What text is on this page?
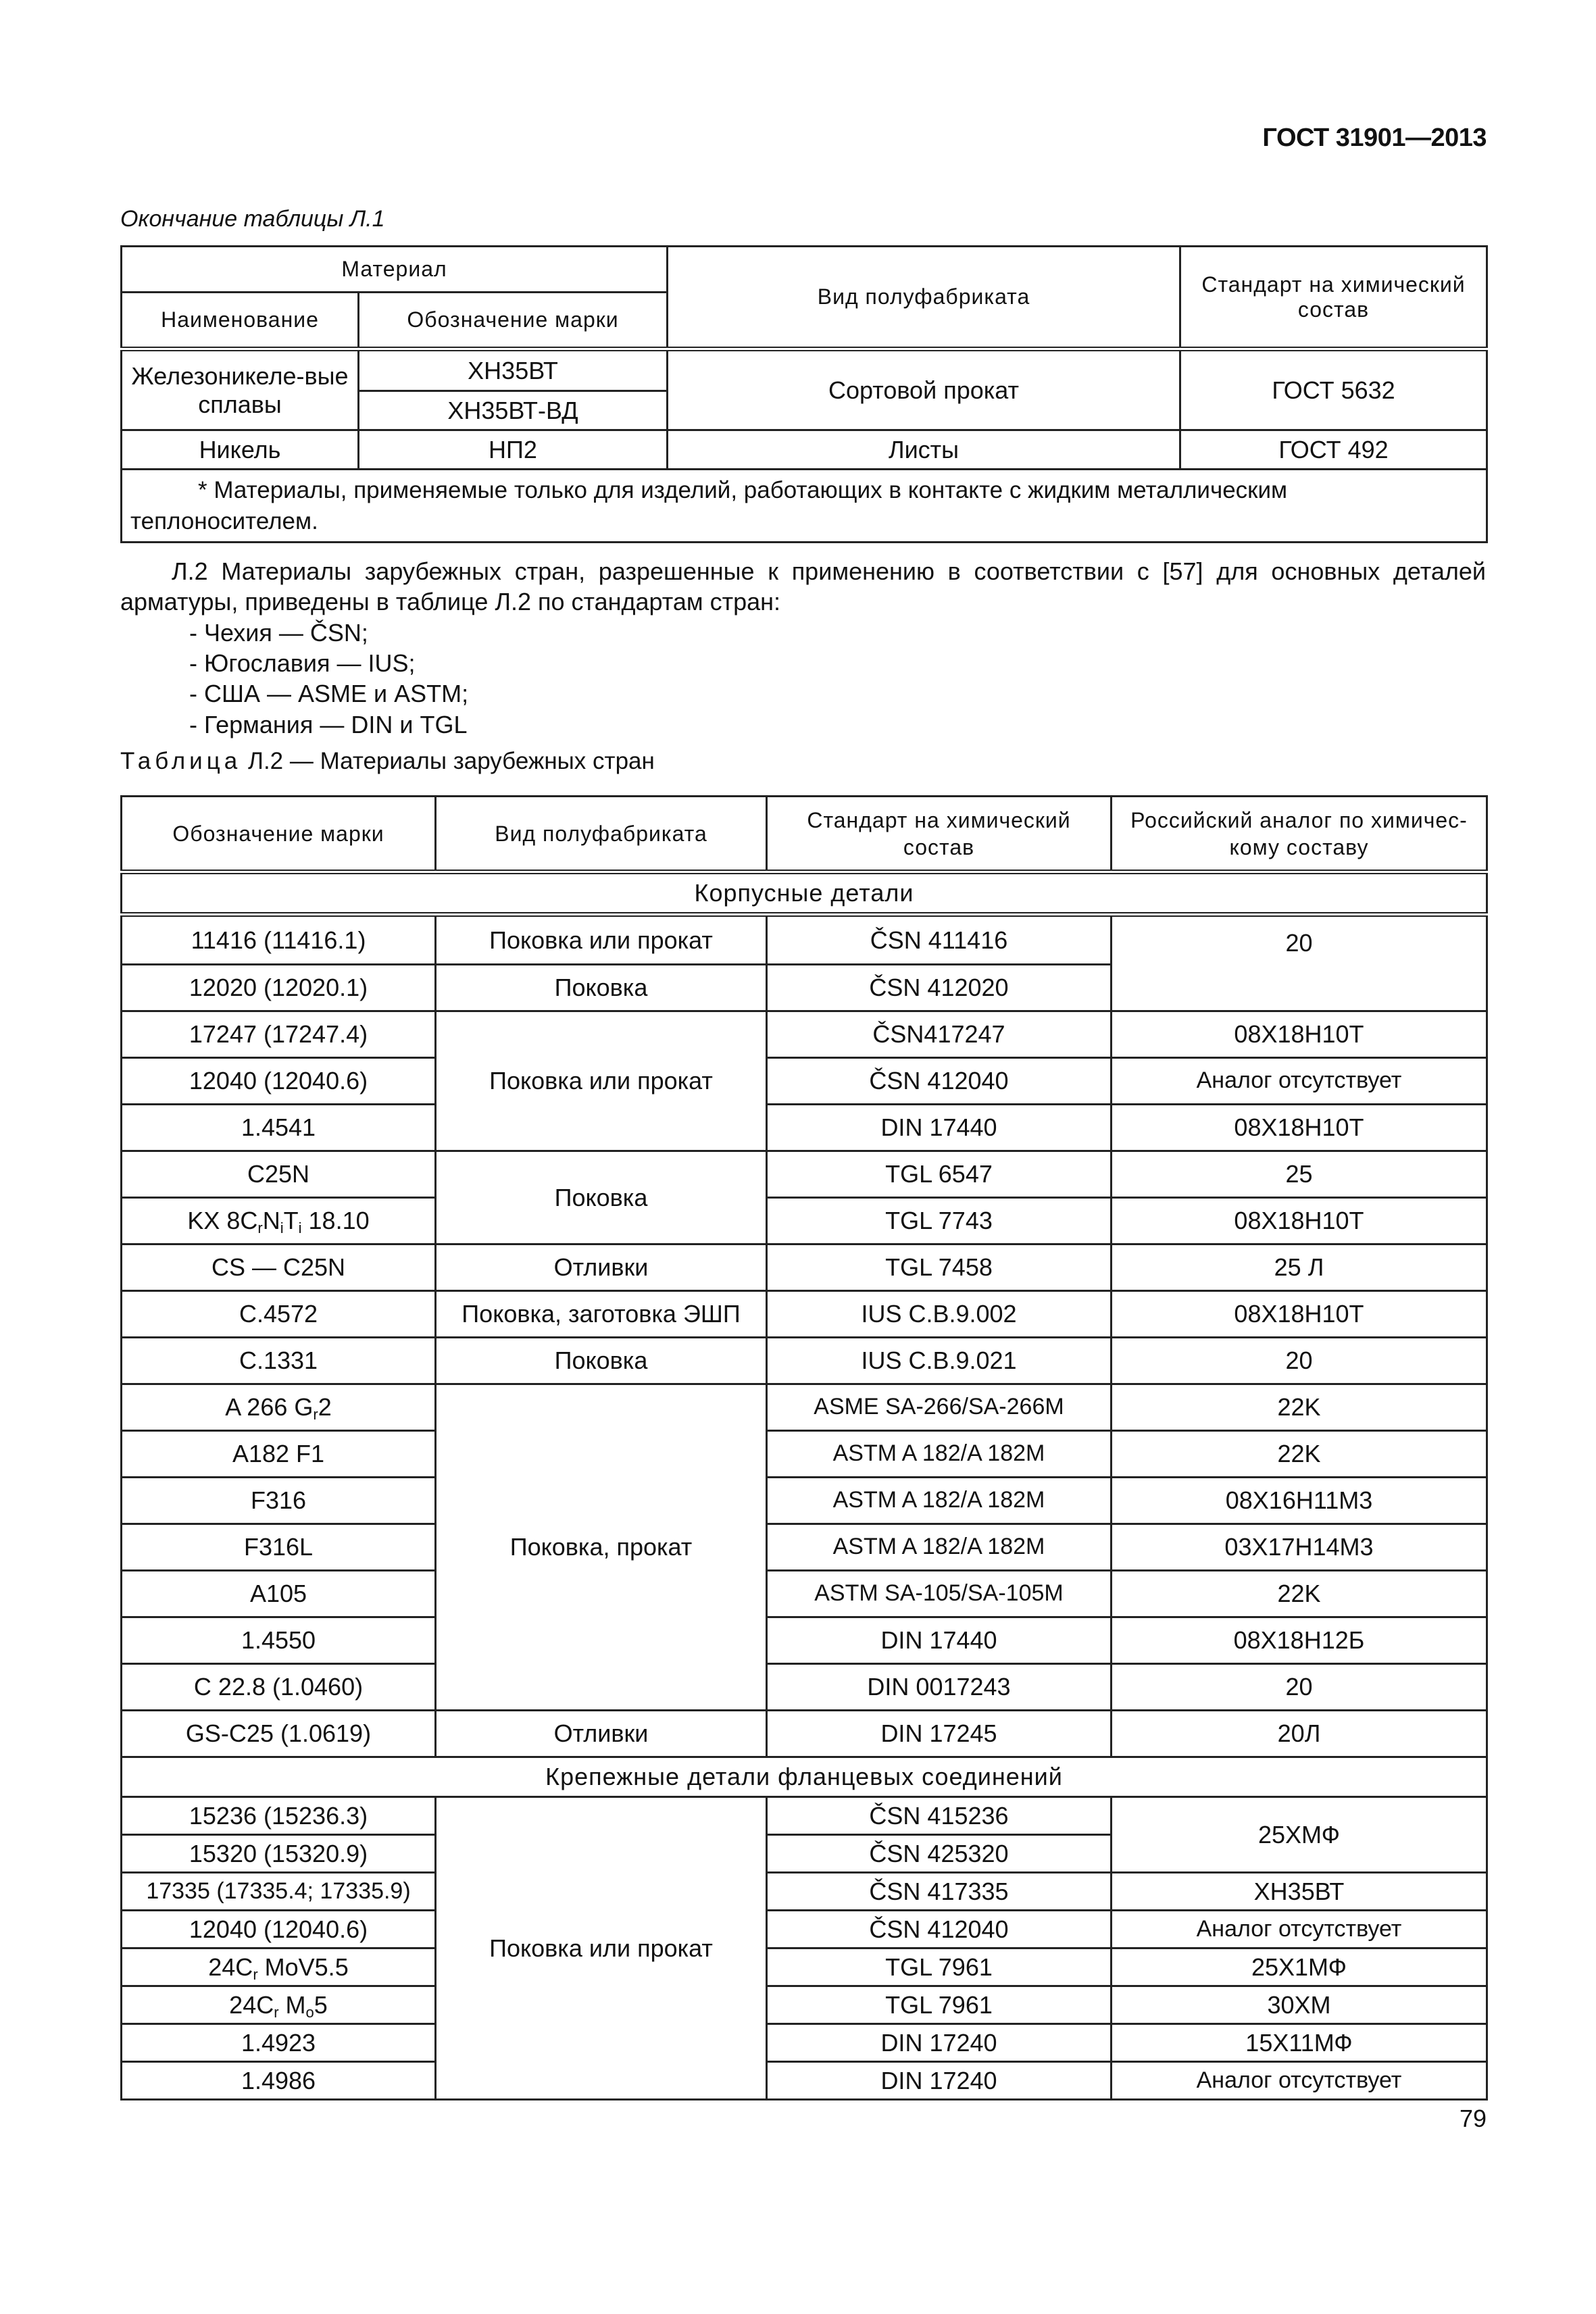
ГОСТ 31901—2013
Окончание таблицы Л.1
Материал		Вид полуфабриката	Стандарт на химический состав
Наименование	Обозначение марки		
Железоникеле-вые сплавы	ХН35ВТ	Сортовой прокат	ГОСТ 5632
	ХН35ВТ-ВД		
Никель	НП2	Листы	ГОСТ 492
* Материалы, применяемые только для изделий, работающих в контакте с жидким металлическим теплоносителем.			
Л.2 Материалы зарубежных стран, разрешенные к применению в соответствии с [57] для основных деталей арматуры, приведены в таблице Л.2 по стандартам стран:
- Чехия — ČSN;
- Югославия — IUS;
- США — ASME и ASTM;
- Германия — DIN и TGL
Таблица Л.2 — Материалы зарубежных стран
Обозначение марки	Вид полуфабриката	Стандарт на химический состав	Российский аналог по химичес-кому составу
Корпусные детали			
11416 (11416.1)	Поковка или прокат	ČSN 411416	20
12020 (12020.1)	Поковка	ČSN 412020	
17247 (17247.4)	Поковка или прокат	ČSN417247	08Х18Н10Т
12040 (12040.6)		ČSN 412040	Аналог отсутствует
1.4541		DIN 17440	08Х18Н10Т
C25N	Поковка	TGL 6547	25
KX $8C_rN_iT_i$ 18.10		TGL 7743	08Х18Н10Т
CS — C25N	Отливки	TGL 7458	25 Л
С.4572	Поковка, заготовка ЭШП	IUS C.B.9.002	08Х18Н10Т
С.1331	Поковка	IUS C.B.9.021	20
A 266 $G_r2$	Поковка, прокат	ASME SA-266/SA-266M	22K
A182 F1		ASTM A 182/A 182M	22K
F316		ASTM A 182/A 182M	08Х16Н11М3
F316L		ASTM A 182/A 182M	03Х17Н14М3
A105		ASTM SA-105/SA-105M	22K
1.4550		DIN 17440	08Х18Н12Б
C 22.8 (1.0460)		DIN 0017243	20
GS-C25 (1.0619)	Отливки	DIN 17245	20Л
Крепежные детали фланцевых соединений			
15236 (15236.3)	Поковка или прокат	ČSN 415236	25ХМФ
15320 (15320.9)		ČSN 425320	
17335 (17335.4; 17335.9)		ČSN 417335	ХН35ВТ
12040 (12040.6)		ČSN 412040	Аналог отсутствует
$24C_r$ MoV5.5		TGL 7961	25Х1МФ
$24C_r$ $M_o5$		TGL 7961	30ХМ
1.4923		DIN 17240	15Х11МФ
1.4986		DIN 17240	Аналог отсутствует
79
